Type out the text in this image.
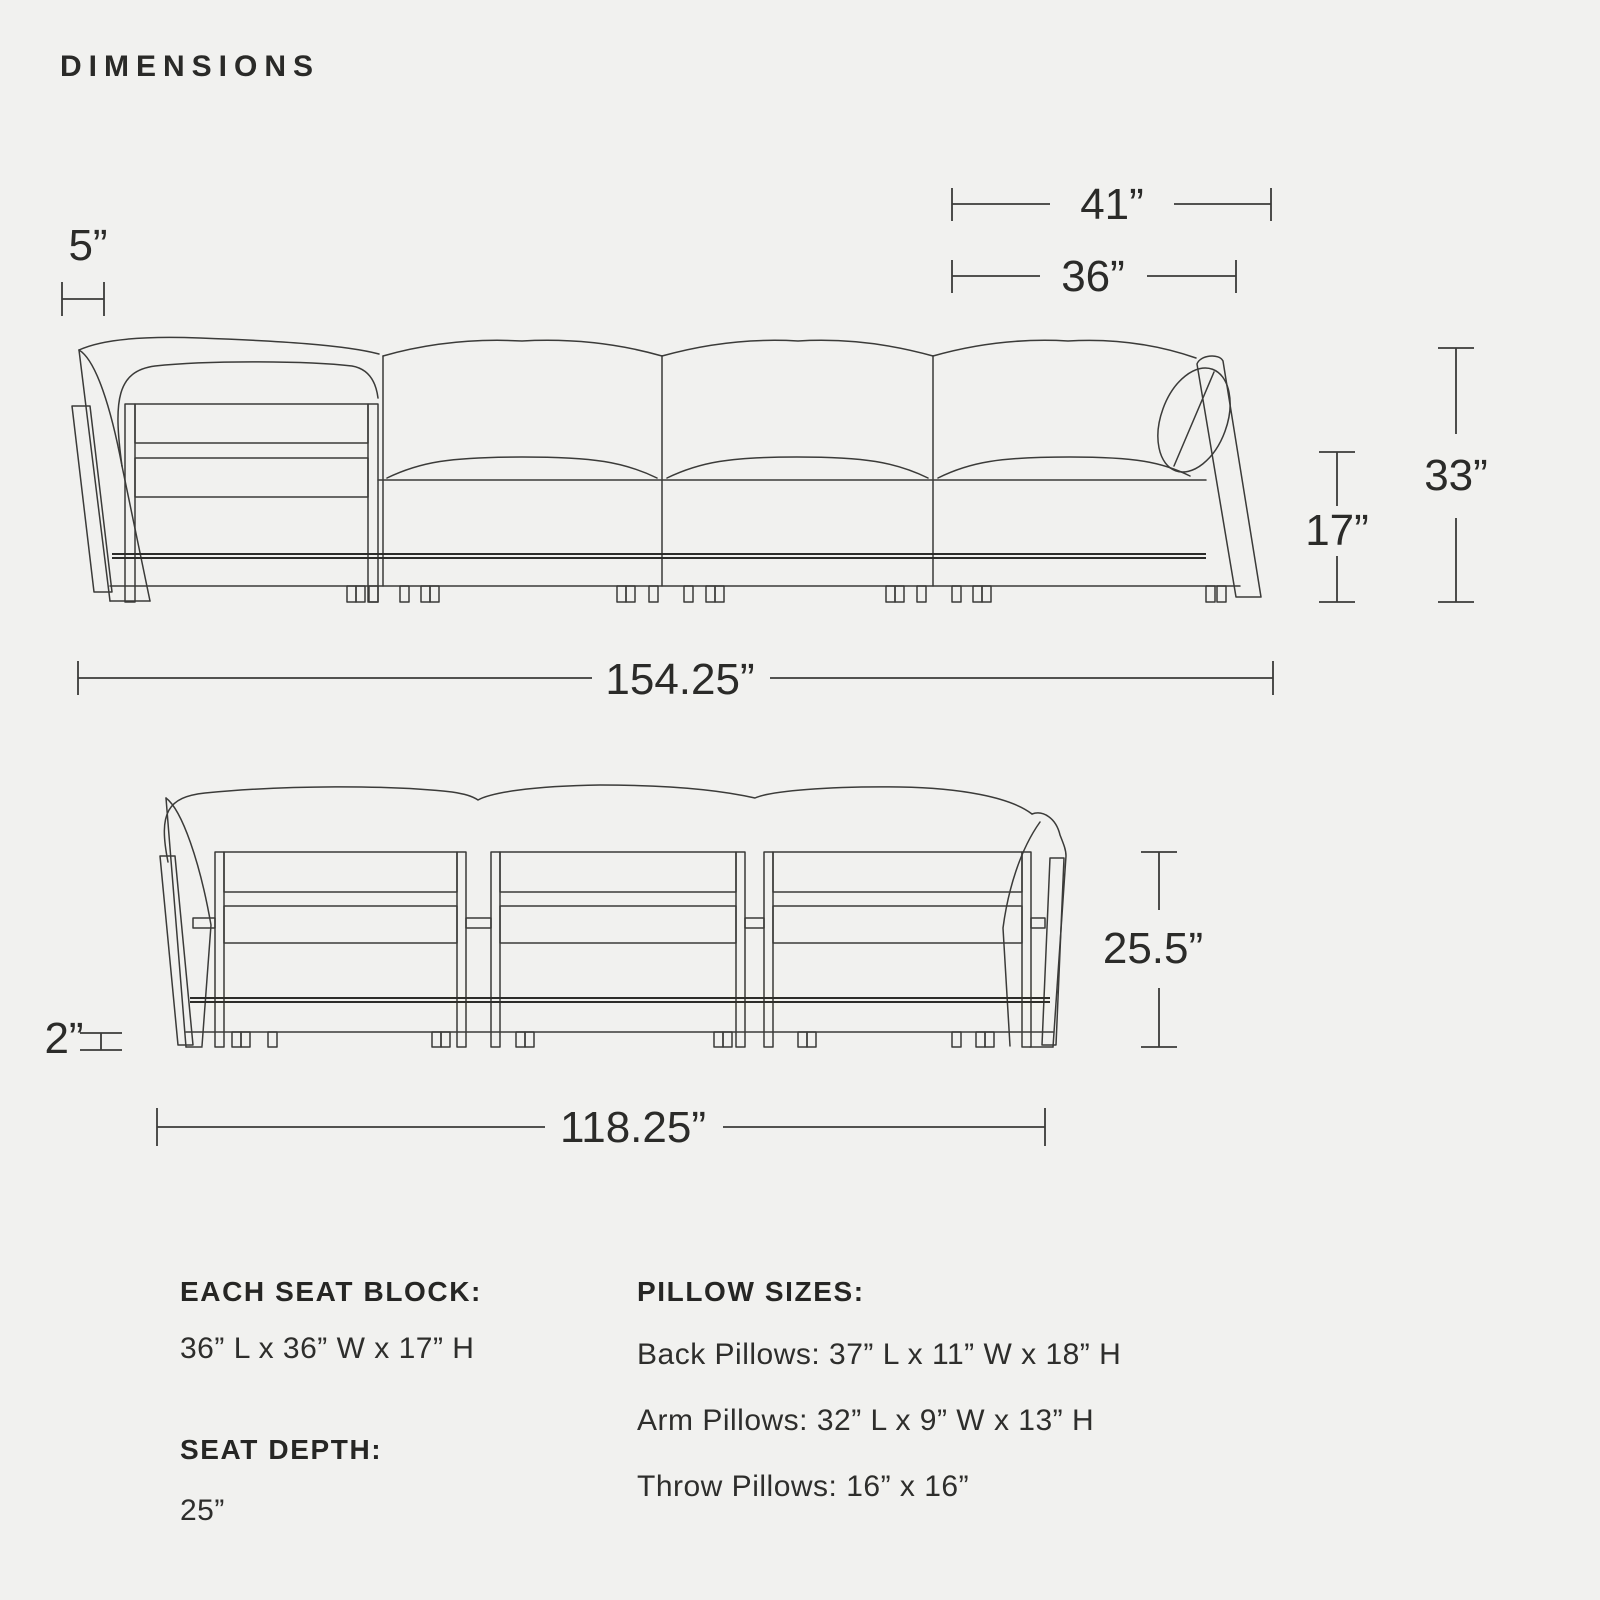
DIMENSIONS
5”
41”
36”
17”
33”
154.25”
2”
25.5”
118.25”
EACH SEAT BLOCK:
36” L x 36” W x 17” H
SEAT DEPTH:
25”
PILLOW SIZES:
Back Pillows: 37” L x 11” W x 18” H
Arm Pillows: 32” L x 9” W x 13” H
Throw Pillows: 16” x 16”
